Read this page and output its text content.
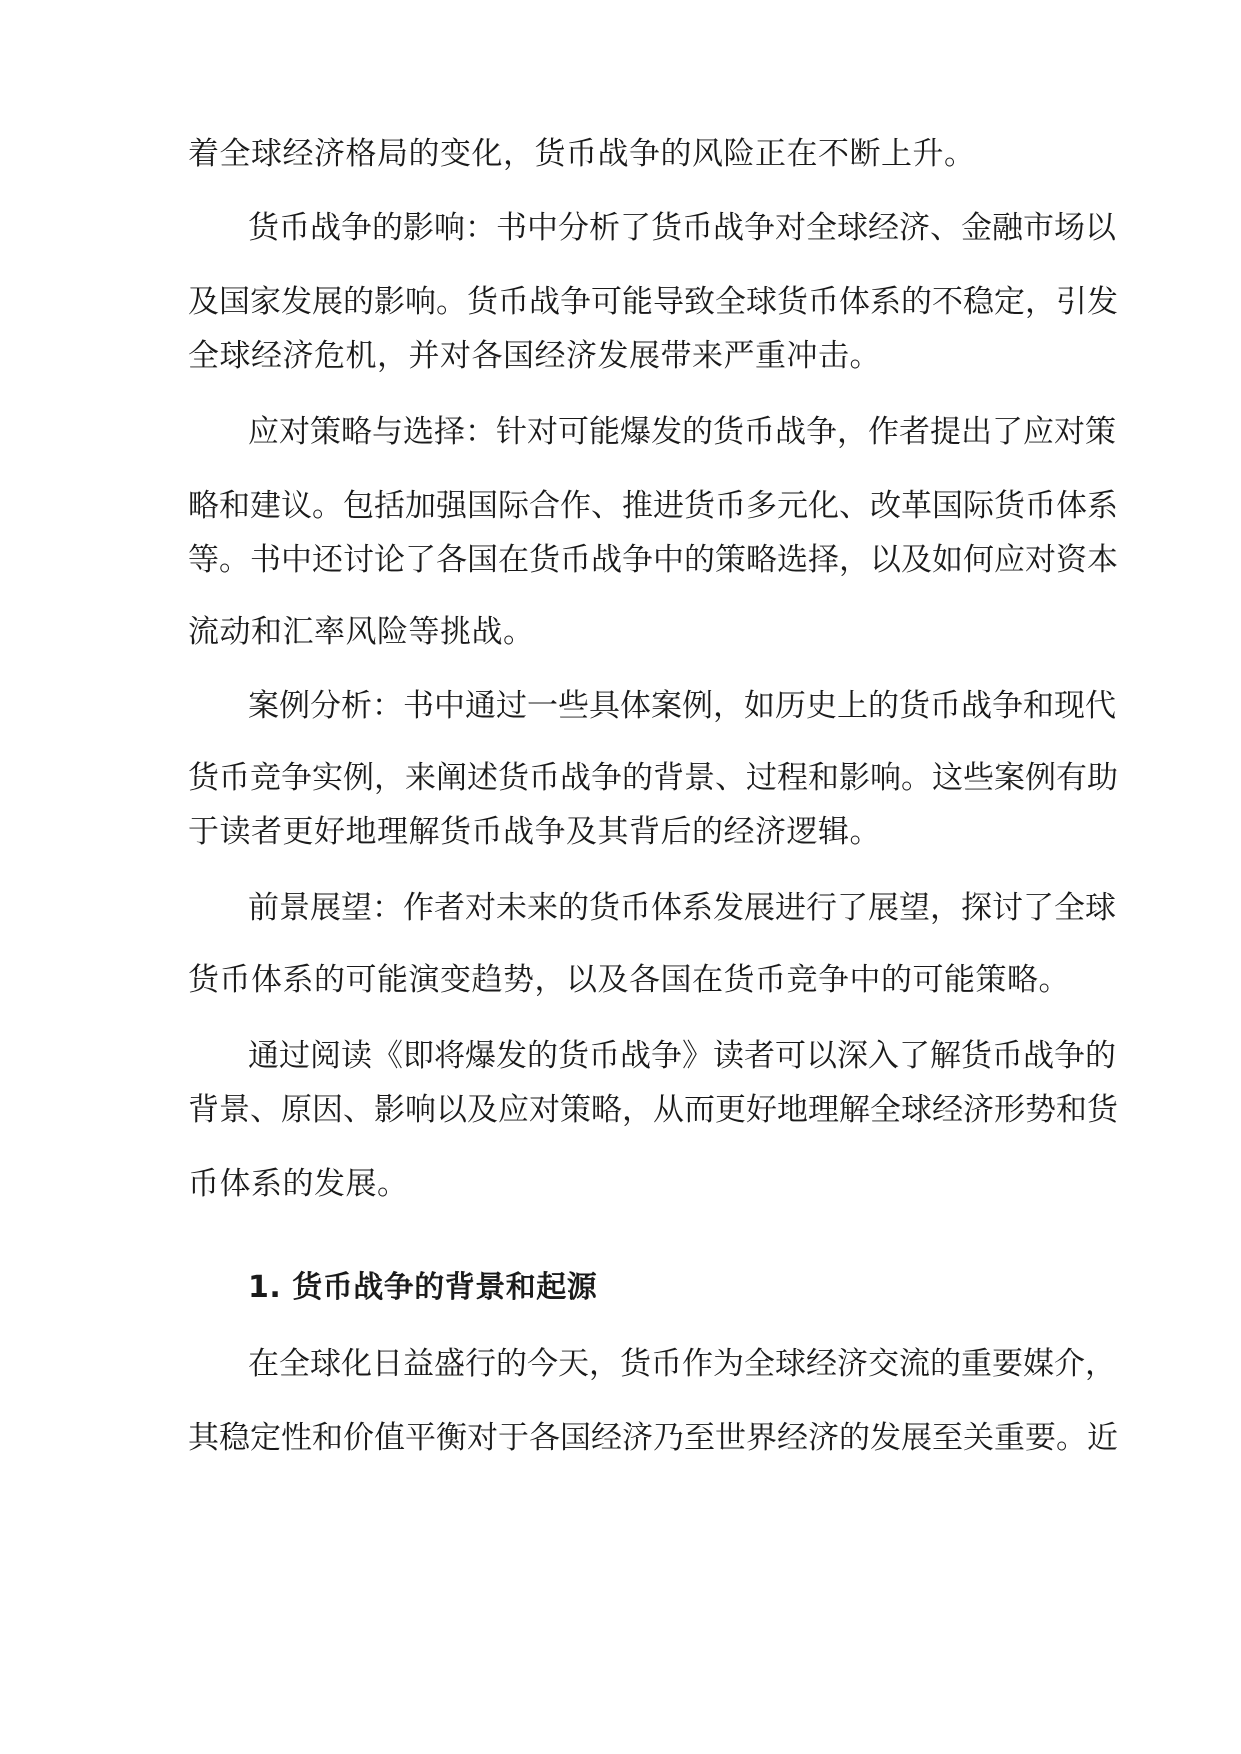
着全球经济格局的变化，货币战争的风险正在不断上升。
货币战争的影响：书中分析了货币战争对全球经济、金融市场以
及国家发展的影响。货币战争可能导致全球货币体系的不稳定，引发
全球经济危机，并对各国经济发展带来严重冲击。
应对策略与选择：针对可能爆发的货币战争，作者提出了应对策
略和建议。包括加强国际合作、推进货币多元化、改革国际货币体系
等。书中还讨论了各国在货币战争中的策略选择，以及如何应对资本
流动和汇率风险等挑战。
案例分析：书中通过一些具体案例，如历史上的货币战争和现代
货币竞争实例，来阐述货币战争的背景、过程和影响。这些案例有助
于读者更好地理解货币战争及其背后的经济逻辑。
前景展望：作者对未来的货币体系发展进行了展望，探讨了全球
货币体系的可能演变趋势，以及各国在货币竞争中的可能策略。
通过阅读《即将爆发的货币战争》读者可以深入了解货币战争的
背景、原因、影响以及应对策略，从而更好地理解全球经济形势和货
币体系的发展。
1. 货币战争的背景和起源
在全球化日益盛行的今天，货币作为全球经济交流的重要媒介，
其稳定性和价值平衡对于各国经济乃至世界经济的发展至关重要。近
